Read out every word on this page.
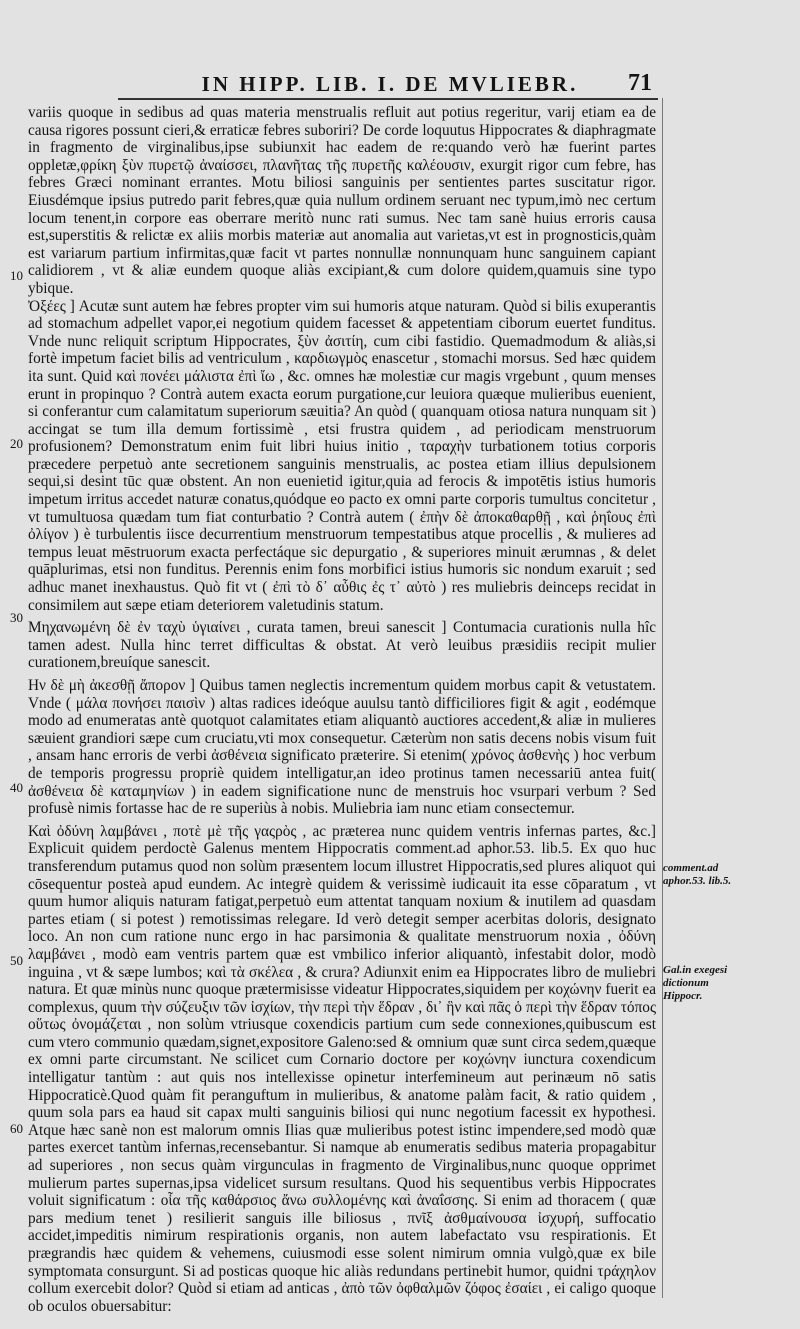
IN HIPP. LIB. I. DE MVLIEBR.	71
10
20
30
40
50
60

variis quoque in sedibus ad quas materia menstrualis refluit aut potius regeritur, varij etiam ea de causa rigores possunt cieri,& erraticæ febres suboriri? De corde loquutus Hippocrates & diaphragmate in fragmento de virginalibus,ipse subiunxit hac eadem de re:quando verò hæ fuerint partes oppletæ,φρίκη ξὺν πυρετῷ ἀναίσσει, πλανῆτας τῆς πυρετῆς καλέουσιν, exurgit rigor cum febre, has febres Græci nominant errantes. Motu biliosi sanguinis per sentientes partes suscitatur rigor. Eiusdémque ipsius putredo parit febres,quæ quia nullum ordinem seruant nec typum,imò nec certum locum tenent,in corpore eas oberrare meritò nunc rati sumus. Nec tam sanè huius erroris causa est,superstitis & relictæ ex aliis morbis materiæ aut anomalia aut varietas,vt est in prognosticis,quàm est variarum partium infirmitas,quæ facit vt partes nonnullæ nonnunquam hunc sanguinem capiant calidiorem , vt & aliæ eundem quoque aliàs excipiant,& cum dolore quidem,quamuis sine typo ybique.

Ὀξέες ] Acutæ sunt autem hæ febres propter vim sui humoris atque naturam. Quòd si bilis exuperantis ad stomachum adpellet vapor,ei negotium quidem facesset & appetentiam ciborum euertet funditus. Vnde nunc reliquit scriptum Hippocrates, ξὺν ἀσιτίη, cum cibi fastidio. Quemadmodum & aliàs,si fortè impetum faciet bilis ad ventriculum , καρδιωγμὸς enascetur , stomachi morsus. Sed hæc quidem ita sunt. Quid καὶ πονέει μάλιστα ἐπὶ ἴω , &c. omnes hæ molestiæ cur magis vrgebunt , quum menses erunt in propinquo ? Contrà autem exacta eorum purgatione,cur leuiora quæque mulieribus euenient, si conferantur cum calamitatum superiorum sæuitia? An quòd ( quanquam otiosa natura nunquam sit ) accingat se tum illa demum fortissimè , etsi frustra quidem , ad periodicam menstruorum profusionem? Demonstratum enim fuit libri huius initio , ταραχὴν turbationem totius corporis præcedere perpetuò ante secretionem sanguinis menstrualis, ac postea etiam illius depulsionem sequi,si desint tūc quæ obstent. An non euenietid igitur,quia ad ferocis & impotētis istius humoris impetum irritus accedet naturæ conatus,quódque eo pacto ex omni parte corporis tumultus concitetur , vt tumultuosa quædam tum fiat conturbatio ? Contrà autem ( ἐπὴν δὲ ἀποκαθαρθῇ , καὶ ῥηΐους ἐπὶ ὀλίγον ) è turbulentis iisce decurrentium menstruorum tempestatibus atque procellis , & mulieres ad tempus leuat mēstruorum exacta perfectáque sic depurgatio , & superiores minuit ærumnas , & delet quāplurimas, etsi non funditus. Perennis enim fons morbifici istius humoris sic nondum exaruit ; sed adhuc manet inexhaustus. Quò fit vt ( ἐπὶ τὸ δ᾽ αὖθις ἐς τ᾽ αὐτὸ ) res muliebris deinceps recidat in consimilem aut sæpe etiam deteriorem valetudinis statum.

Μηχανωμένη δὲ ἐν ταχὺ ὑγιαίνει , curata tamen, breui sanescit ] Contumacia curationis nulla hîc tamen adest. Nulla hinc terret difficultas & obstat. At verò leuibus præsidiis recipit mulier curationem,breuíque sanescit.

Ην δὲ μὴ ἀκεσθῇ ἄπορον ] Quibus tamen neglectis incrementum quidem morbus capit & vetustatem. Vnde ( μάλα πονήσει παισὶν ) altas radices ideóque auulsu tantò difficiliores figit & agit , eodémque modo ad enumeratas antè quotquot calamitates etiam aliquantò auctiores accedent,& aliæ in mulieres sæuient grandiori sæpe cum cruciatu,vti mox consequetur. Cæterùm non satis decens nobis visum fuit , ansam hanc erroris de verbi ἀσθένεια significato præterire. Si etenim( χρόνος ἀσθενὴς ) hoc verbum de temporis progressu propriè quidem intelligatur,an ideo protinus tamen necessariū antea fuit( ἀσθένεια δὲ καταμηνίων ) in eadem significatione nunc de menstruis hoc vsurpari verbum ? Sed profusè nimis fortasse hac de re superiùs à nobis. Muliebria iam nunc etiam consectemur.

Καὶ ὀδύνη λαμβάνει , ποτὲ μὲ τῆς γαςρὸς , ac præterea nunc quidem ventris infernas partes, &c.] Explicuit quidem perdoctè Galenus mentem Hippocratis comment.ad aphor.53. lib.5. Ex quo huc transferendum putamus quod non solùm præsentem locum illustret Hippocratis,sed plures aliquot qui cōsequentur posteà apud eundem. Ac integrè quidem & verissimè iudicauit ita esse cōparatum , vt quum humor aliquis naturam fatigat,perpetuò eum attentat tanquam noxium & inutilem ad quasdam partes etiam ( si potest ) remotissimas relegare. Id verò detegit semper acerbitas doloris, designato loco. An non cum ratione nunc ergo in hac parsimonia & qualitate menstruorum noxia , ὀδύνη λαμβάνει , modò eam ventris partem quæ est vmbilico inferior aliquantò, infestabit dolor, modò inguina , vt & sæpe lumbos; καὶ τὰ σκέλεα , & crura? Adiunxit enim ea Hippocrates libro de muliebri natura. Et quæ minùs nunc quoque prætermisisse videatur Hippocrates,siquidem per κοχώνην fuerit ea complexus, quum τὴν σύζευξιν τῶν ἰσχίων, τὴν περὶ τὴν ἕδραν , δι᾽ ἣν καὶ πᾶς ὁ περὶ τὴν ἕδραν τόπος οὕτως ὀνομάζεται , non solùm vtriusque coxendicis partium cum sede connexiones,quibuscum est cum vtero communio quædam,signet,expositore Galeno:sed & omnium quæ sunt circa sedem,quæque ex omni parte circumstant. Ne scilicet cum Cornario doctore per κοχώνην iunctura coxendicum intelligatur tantùm : aut quis nos intellexisse opinetur interfemineum aut perinæum nō satis Hippocraticè.Quod quàm fit peranguftum in mulieribus, & anatome palàm facit, & ratio quidem , quum sola pars ea haud sit capax multi sanguinis biliosi qui nunc negotium facessit ex hypothesi. Atque hæc sanè non est malorum omnis Ilias quæ mulieribus potest istinc impendere,sed modò quæ partes exercet tantùm infernas,recensebantur. Si namque ab enumeratis sedibus materia propagabitur ad superiores , non secus quàm virgunculas in fragmento de Virginalibus,nunc quoque opprimet mulierum partes supernas,ipsa videlicet sursum resultans. Quod his sequentibus verbis Hippocrates voluit significatum : οἷα τῆς καθάρσιος ἄνω συλλομένης καὶ ἀναΐσσης. Si enim ad thoracem ( quæ pars medium tenet ) resilierit sanguis ille biliosus , πνῖξ ἀσθμαίνουσα ἰσχυρή, suffocatio accidet,impeditis nimirum respirationis organis, non autem labefactato vsu respirationis. Et prægrandis hæc quidem & vehemens, cuiusmodi esse solent nimirum omnia vulgò,quæ ex bile symptomata consurgunt. Si ad posticas quoque hic aliàs redundans pertinebit humor, quidni τράχηλον collum exercebit dolor? Quòd si etiam ad anticas , ἀπὸ τῶν ὀφθαλμῶν ζόφος ἐσαίει , ei caligo quoque ob oculos obuersabitur:

comment.ad aphor.53. lib.5.
Gal.in exegesi dictionum Hippocr.
